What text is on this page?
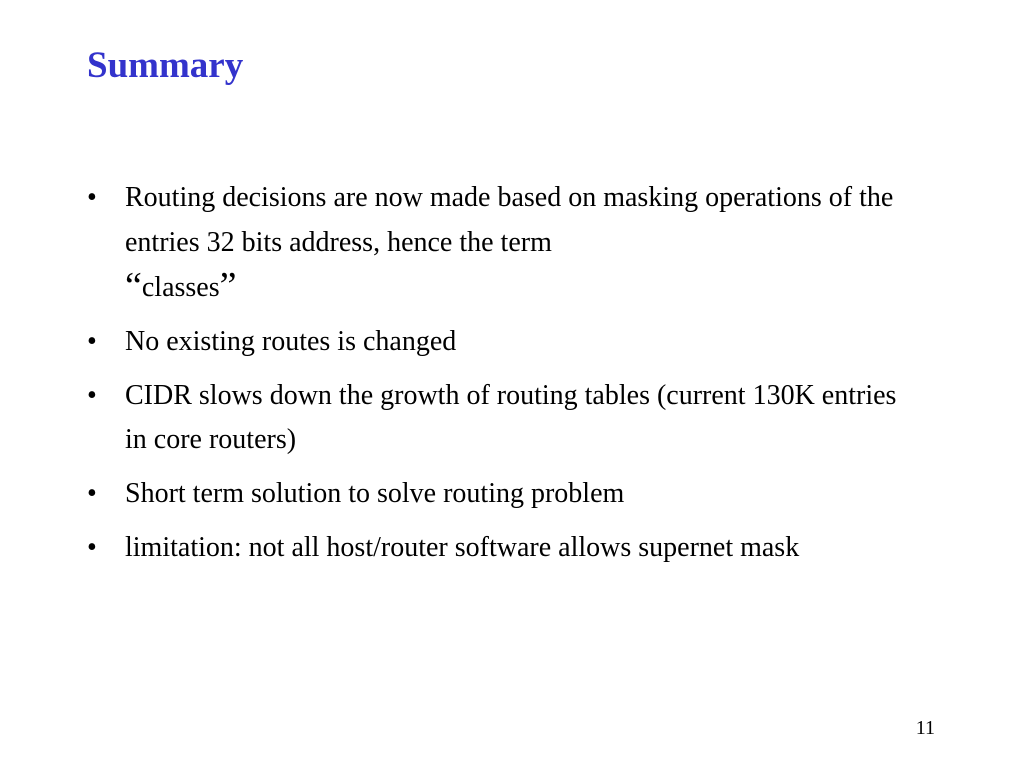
Summary
•	Routing decisions are now made based on masking operations of the entries 32 bits address, hence the term
“classes”
•	No existing routes is changed
•	CIDR slows down the growth of routing tables (current 130K entries in core routers)
•	Short term solution to solve routing problem
•	limitation: not all host/router software allows supernet mask
11
